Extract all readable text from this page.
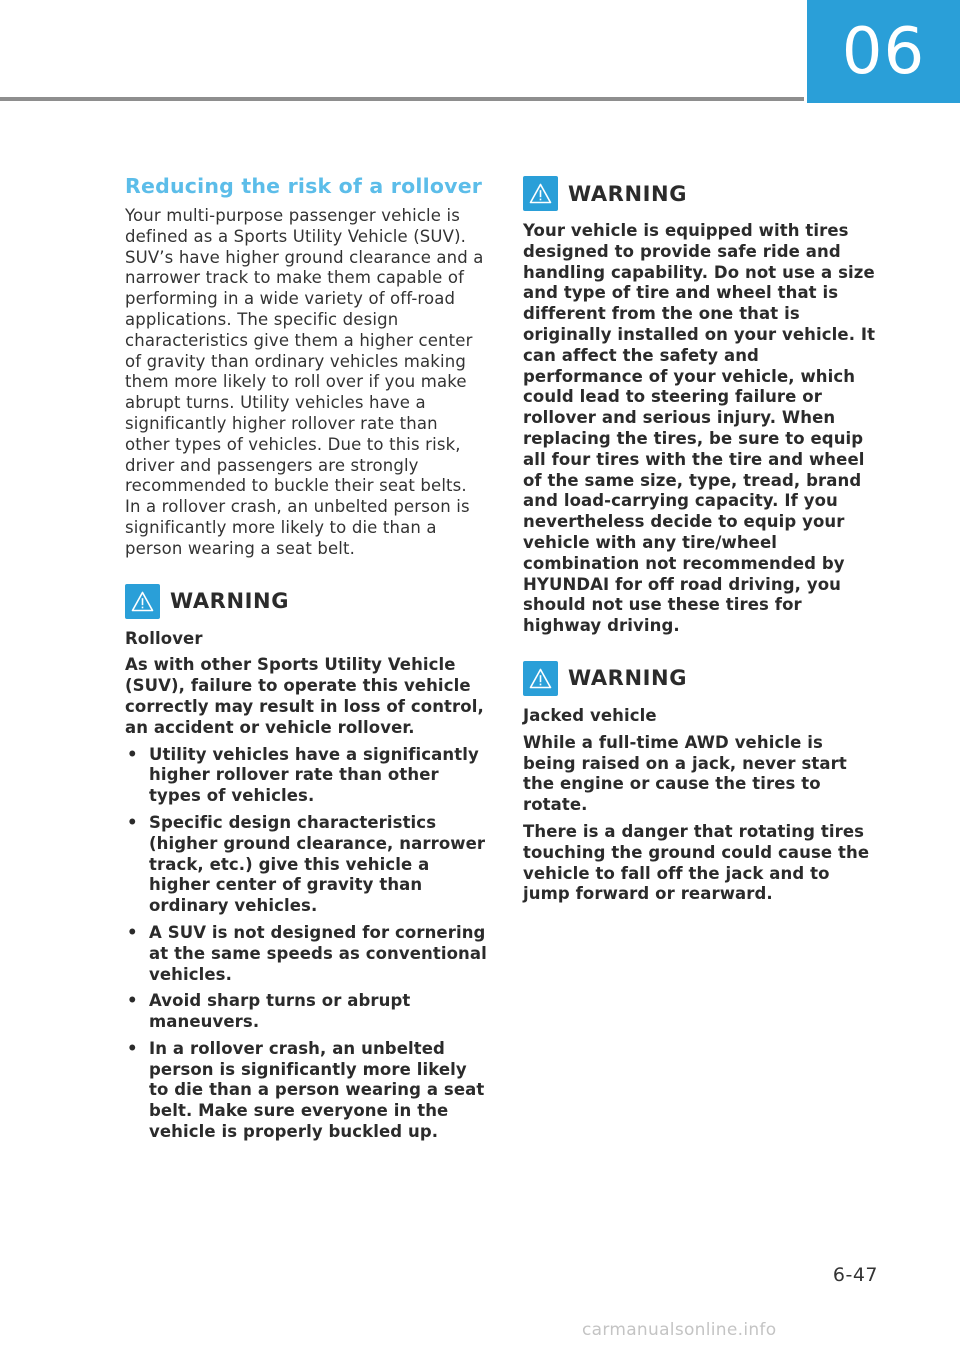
06
Reducing the risk of a rollover

Your multi-purpose passenger vehicle is defined as a Sports Utility Vehicle (SUV). SUV’s have higher ground clearance and a narrower track to make them capable of performing in a wide variety of off-road applications. The specific design characteristics give them a higher center of gravity than ordinary vehicles making them more likely to roll over if you make abrupt turns. Utility vehicles have a significantly higher rollover rate than other types of vehicles. Due to this risk, driver and passengers are strongly recommended to buckle their seat belts. In a rollover crash, an unbelted person is significantly more likely to die than a person wearing a seat belt.

WARNING

Rollover

As with other Sports Utility Vehicle (SUV), failure to operate this vehicle correctly may result in loss of control, an accident or vehicle rollover.

• Utility vehicles have a significantly higher rollover rate than other types of vehicles.
• Specific design characteristics (higher ground clearance, narrower track, etc.) give this vehicle a higher center of gravity than ordinary vehicles.
• A SUV is not designed for cornering at the same speeds as conventional vehicles.
• Avoid sharp turns or abrupt maneuvers.
• In a rollover crash, an unbelted person is significantly more likely to die than a person wearing a seat belt. Make sure everyone in the vehicle is properly buckled up.
WARNING

Your vehicle is equipped with tires designed to provide safe ride and handling capability. Do not use a size and type of tire and wheel that is different from the one that is originally installed on your vehicle. It can affect the safety and performance of your vehicle, which could lead to steering failure or rollover and serious injury. When replacing the tires, be sure to equip all four tires with the tire and wheel of the same size, type, tread, brand and load-carrying capacity. If you nevertheless decide to equip your vehicle with any tire/wheel combination not recommended by HYUNDAI for off road driving, you should not use these tires for highway driving.

WARNING

Jacked vehicle

While a full-time AWD vehicle is being raised on a jack, never start the engine or cause the tires to rotate.

There is a danger that rotating tires touching the ground could cause the vehicle to fall off the jack and to jump forward or rearward.

6-47
carmanualsonline.info
